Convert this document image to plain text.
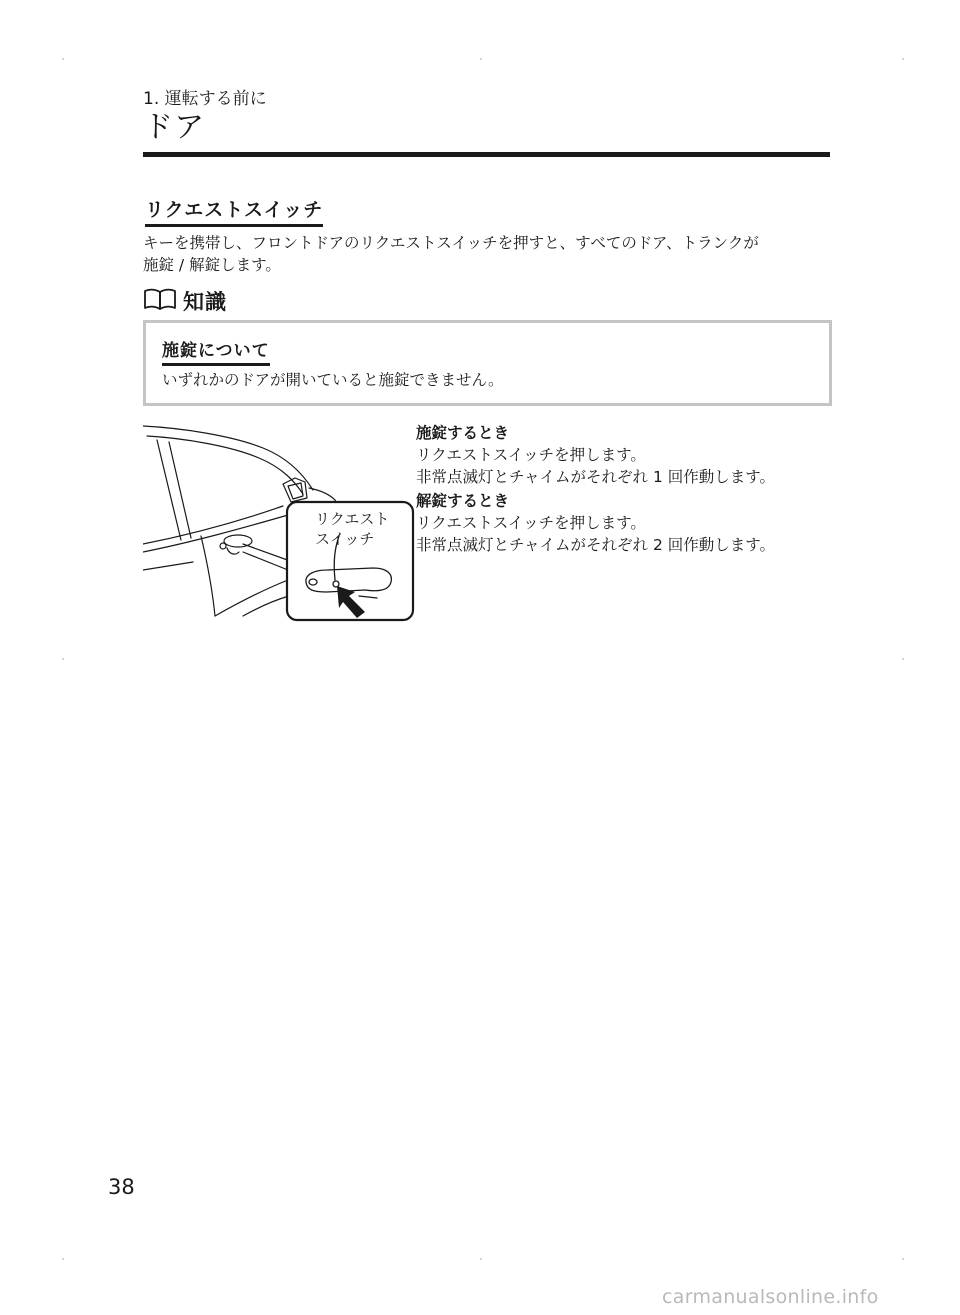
1. 運転する前に
ドア
リクエストスイッチ
キーを携帯し、フロントドアのリクエストスイッチを押すと、すべてのドア、トランクが
施錠 / 解錠します。
知識
施錠について
いずれかのドアが開いていると施錠できません。
リクエスト
スイッチ
施錠するとき
リクエストスイッチを押します。
非常点滅灯とチャイムがそれぞれ 1 回作動します。
解錠するとき
リクエストスイッチを押します。
非常点滅灯とチャイムがそれぞれ 2 回作動します。
38
carmanualsonline.info
